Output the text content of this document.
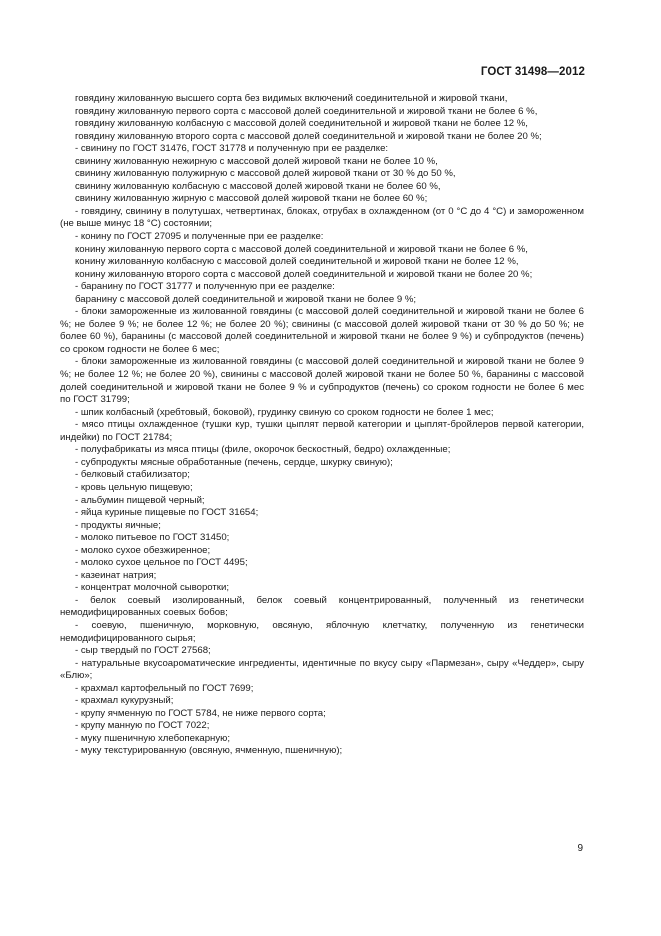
ГОСТ 31498—2012

говядину жилованную высшего сорта без видимых включений соединительной и жировой ткани,

говядину жилованную первого сорта с массовой долей соединительной и жировой ткани не более 6 %,

говядину жилованную колбасную с массовой долей соединительной и жировой ткани не более 12 %,

говядину жилованную второго сорта с массовой долей соединительной и жировой ткани не более 20 %;

- свинину по ГОСТ 31476, ГОСТ 31778 и полученную при ее разделке:

свинину жилованную нежирную с массовой долей жировой ткани не более 10 %,

свинину жилованную полужирную с массовой долей жировой ткани от 30 % до 50 %,

свинину жилованную колбасную с массовой долей жировой ткани не более 60 %,

свинину жилованную жирную с массовой долей жировой ткани не более 60 %;

- говядину, свинину в полутушах, четвертинах, блоках, отрубах в охлажденном (от 0 °С до 4 °С) и замороженном (не выше минус 18 °С) состоянии;

- конину по ГОСТ 27095 и полученные при ее разделке:

конину жилованную первого сорта с массовой долей соединительной и жировой ткани не более 6 %,

конину жилованную колбасную с массовой долей соединительной и жировой ткани не более 12 %,

конину жилованную второго сорта с массовой долей соединительной и жировой ткани не более 20 %;

- баранину по ГОСТ 31777 и полученную при ее разделке:

баранину с массовой долей соединительной и жировой ткани не более 9 %;

- блоки замороженные из жилованной говядины (с массовой долей соединительной и жировой ткани не более 6 %; не более 9 %; не более 12 %; не более 20 %); свинины (с массовой долей жировой ткани от 30 % до 50 %; не более 60 %), баранины (с массовой долей соединительной и жировой ткани не более 9 %) и субпродуктов (печень) со сроком годности не более 6 мес;

- блоки замороженные из жилованной говядины (с массовой долей соединительной и жировой ткани не более 9 %; не более 12 %; не более 20 %), свинины с массовой долей жировой ткани не более 50 %, баранины с массовой долей соединительной и жировой ткани не более 9 % и субпродуктов (печень) со сроком годности не более 6 мес по ГОСТ 31799;

- шпик колбасный (хребтовый, боковой), грудинку свиную со сроком годности не более 1 мес;

- мясо птицы охлажденное (тушки кур, тушки цыплят первой категории и цыплят-бройлеров первой категории, индейки) по ГОСТ 21784;

- полуфабрикаты из мяса птицы (филе, окорочок бескостный, бедро) охлажденные;

- субпродукты мясные обработанные (печень, сердце, шкурку свиную);

- белковый стабилизатор;

- кровь цельную пищевую;

- альбумин пищевой черный;

- яйца куриные пищевые по ГОСТ 31654;

- продукты яичные;

- молоко питьевое по ГОСТ 31450;

- молоко сухое обезжиренное;

- молоко сухое цельное по ГОСТ 4495;

- казеинат натрия;

- концентрат молочной сыворотки;

- белок соевый изолированный, белок соевый концентрированный, полученный из генетически немодифицированных соевых бобов;

- соевую, пшеничную, морковную, овсяную, яблочную клетчатку, полученную из генетически немодифицированного сырья;

- сыр твердый по ГОСТ 27568;

- натуральные вкусоароматические ингредиенты, идентичные по вкусу сыру «Пармезан», сыру «Чеддер», сыру «Блю»;

- крахмал картофельный по ГОСТ 7699;

- крахмал кукурузный;

- крупу ячменную по ГОСТ 5784, не ниже первого сорта;

- крупу манную по ГОСТ 7022;

- муку пшеничную хлебопекарную;

- муку текстурированную (овсяную, ячменную, пшеничную);

9
